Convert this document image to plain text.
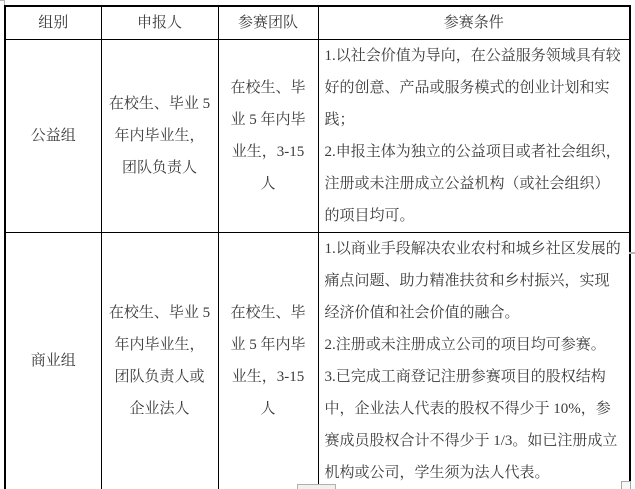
组别	申报人	参赛团队	参赛条件
公益组	在校生、毕业 5 年内毕业生，团队负责人	在校生、毕业 5 年内毕业生，3-15 人	1.以社会价值为导向，在公益服务领域具有较好的创意、产品或服务模式的创业计划和实践；

2.申报主体为独立的公益项目或者社会组织，注册或未注册成立公益机构（或社会组织）的项目均可。

商业组	在校生、毕业 5 年内毕业生，团队负责人或企业法人	在校生、毕业 5 年内毕业生，3-15 人	1.以商业手段解决农业农村和城乡社区发展的痛点问题、助力精准扶贫和乡村振兴，实现经济价值和社会价值的融合。

2.注册或未注册成立公司的项目均可参赛。

3.已完成工商登记注册参赛项目的股权结构中，企业法人代表的股权不得少于 10%，参赛成员股权合计不得少于 1/3。如已注册成立机构或公司，学生须为法人代表。
